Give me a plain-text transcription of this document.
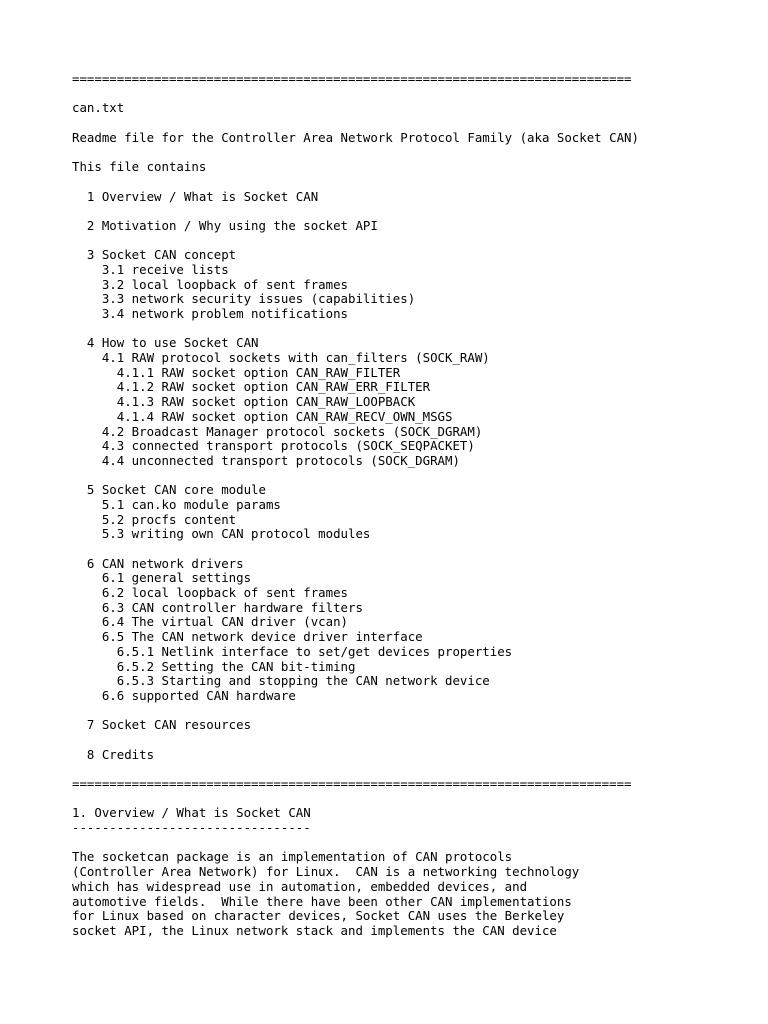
===========================================================================
can.txt
Readme file for the Controller Area Network Protocol Family (aka Socket CAN)
This file contains
1 Overview / What is Socket CAN
2 Motivation / Why using the socket API
3 Socket CAN concept
3.1 receive lists
3.2 local loopback of sent frames
3.3 network security issues (capabilities)
3.4 network problem notifications
4 How to use Socket CAN
4.1 RAW protocol sockets with can_filters (SOCK_RAW)
4.1.1 RAW socket option CAN_RAW_FILTER
4.1.2 RAW socket option CAN_RAW_ERR_FILTER
4.1.3 RAW socket option CAN_RAW_LOOPBACK
4.1.4 RAW socket option CAN_RAW_RECV_OWN_MSGS
4.2 Broadcast Manager protocol sockets (SOCK_DGRAM)
4.3 connected transport protocols (SOCK_SEQPACKET)
4.4 unconnected transport protocols (SOCK_DGRAM)
5 Socket CAN core module
5.1 can.ko module params
5.2 procfs content
5.3 writing own CAN protocol modules
6 CAN network drivers
6.1 general settings
6.2 local loopback of sent frames
6.3 CAN controller hardware filters
6.4 The virtual CAN driver (vcan)
6.5 The CAN network device driver interface
6.5.1 Netlink interface to set/get devices properties
6.5.2 Setting the CAN bit-timing
6.5.3 Starting and stopping the CAN network device
6.6 supported CAN hardware
7 Socket CAN resources
8 Credits
===========================================================================
1. Overview / What is Socket CAN
--------------------------------
The socketcan package is an implementation of CAN protocols
(Controller Area Network) for Linux.  CAN is a networking technology
which has widespread use in automation, embedded devices, and
automotive fields.  While there have been other CAN implementations
for Linux based on character devices, Socket CAN uses the Berkeley
socket API, the Linux network stack and implements the CAN device
